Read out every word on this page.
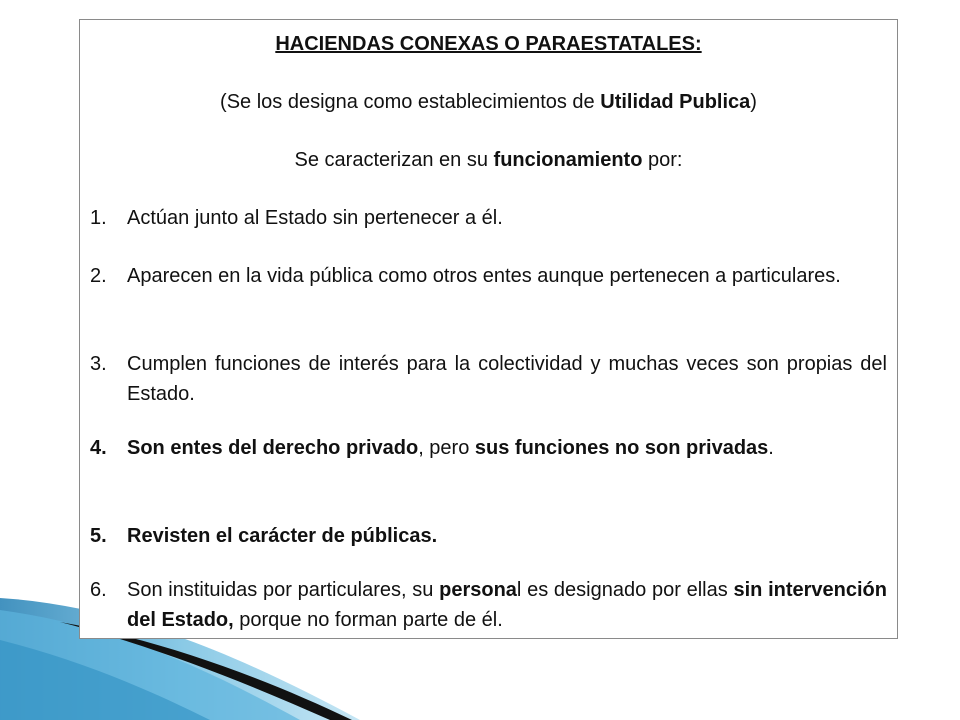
HACIENDAS CONEXAS O PARAESTATALES:
(Se los designa como establecimientos de Utilidad Publica)
Se caracterizan en su funcionamiento por:
1.	Actúan junto al Estado sin pertenecer a él.
2.	Aparecen en la vida pública como otros entes aunque pertenecen a particulares.
3.	Cumplen funciones de interés para la colectividad y muchas veces son propias del Estado.
4.	Son entes del derecho privado, pero sus funciones no son privadas.
5.	Revisten el carácter de públicas.
6.	Son instituidas por particulares, su personal es designado por ellas sin intervención del Estado, porque no forman parte de él.
